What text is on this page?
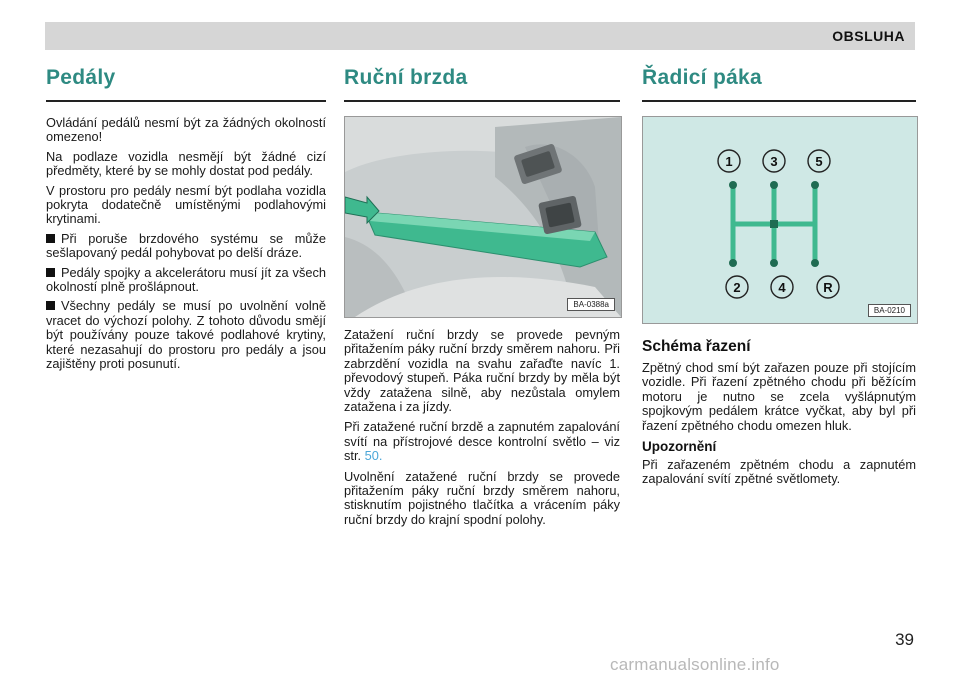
OBSLUHA
Pedály

Ovládání pedálů nesmí být za žádných okolností omezeno!

Na podlaze vozidla nesmějí být žádné cizí předměty, které by se mohly dostat pod pedály.

V prostoru pro pedály nesmí být podlaha vozidla pokryta dodatečně umístěnými podlahovými krytinami.

Při poruše brzdového systému se může sešlapovaný pedál pohybovat po delší dráze.

Pedály spojky a akcelerátoru musí jít za všech okolností plně prošlápnout.

Všechny pedály se musí po uvolnění volně vracet do výchozí polohy. Z tohoto důvodu smějí být používány pouze takové podlahové krytiny, které nezasahují do prostoru pro pedály a jsou zajištěny proti posunutí.

Ruční brzda
BA-0388a

Zatažení ruční brzdy se provede pevným přitažením páky ruční brzdy směrem nahoru. Při zabrzdění vozidla na svahu zařaďte navíc 1. převodový stupeň. Páka ruční brzdy by měla být vždy zatažena silně, aby nezůstala omylem zatažena i za jízdy.

Při zatažené ruční brzdě a zapnutém zapalování svítí na přístrojové desce kontrolní světlo – viz str. 50.

Uvolnění zatažené ruční brzdy se provede přitažením páky ruční brzdy směrem nahoru, stisknutím pojistného tlačítka a vrácením páky ruční brzdy do krajní spodní polohy.

Řadicí páka
1	3	5
2	4	R
BA-0210
Schéma řazení

Zpětný chod smí být zařazen pouze při stojícím vozidle. Při řazení zpětného chodu při běžícím motoru je nutno se zcela vyšlápnutým spojkovým pedálem krátce vyčkat, aby byl při řazení zpětného chodu omezen hluk.

Upozornění

Při zařazeném zpětném chodu a zapnutém zapalování svítí zpětné světlomety.

39
carmanualsonline.info
